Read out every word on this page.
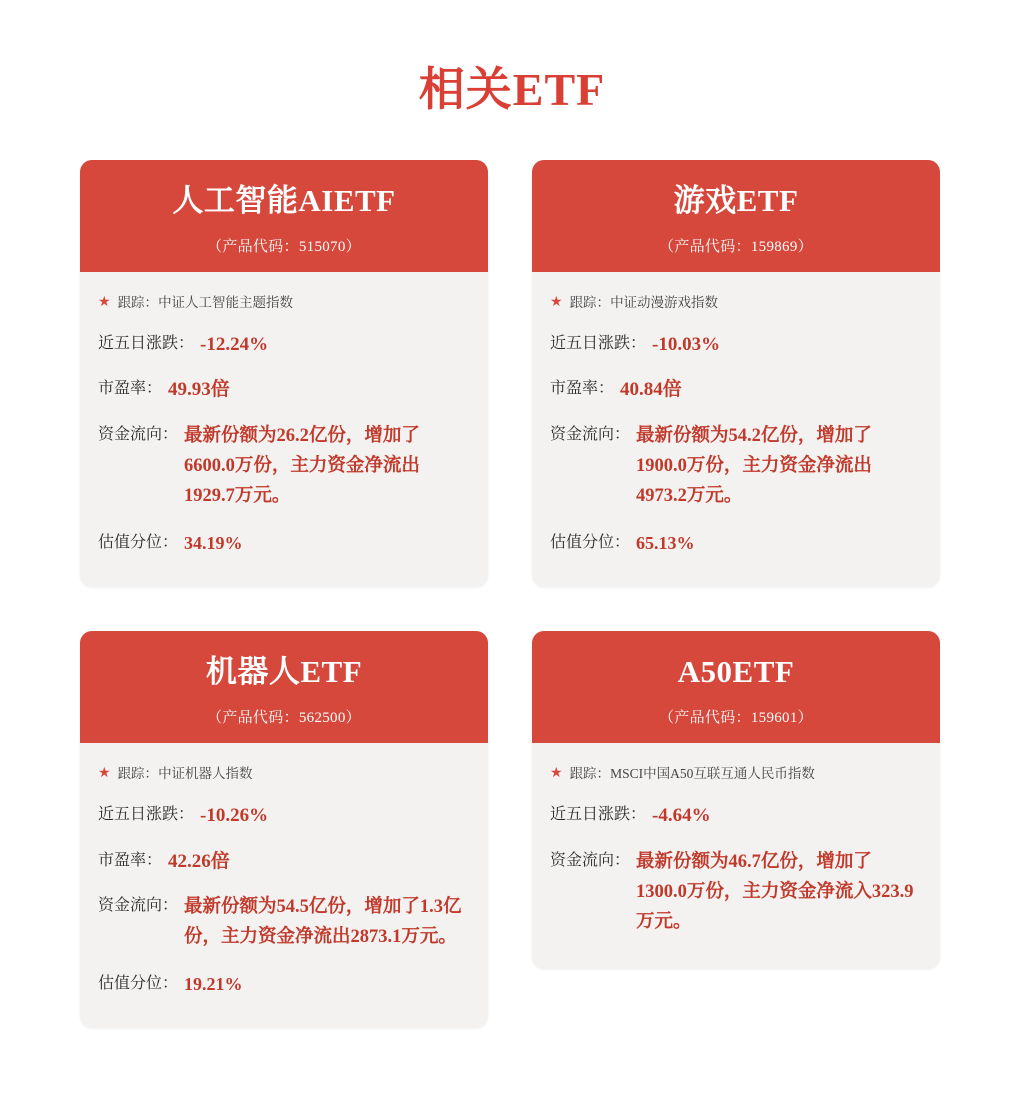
相关ETF
人工智能AIETF
（产品代码：515070）
★ 跟踪：中证人工智能主题指数
近五日涨跌： -12.24%
市盈率： 49.93倍
资金流向： 最新份额为26.2亿份，增加了6600.0万份，主力资金净流出1929.7万元。
估值分位： 34.19%
游戏ETF
（产品代码：159869）
★ 跟踪：中证动漫游戏指数
近五日涨跌： -10.03%
市盈率： 40.84倍
资金流向： 最新份额为54.2亿份，增加了1900.0万份，主力资金净流出4973.2万元。
估值分位： 65.13%
机器人ETF
（产品代码：562500）
★ 跟踪：中证机器人指数
近五日涨跌： -10.26%
市盈率： 42.26倍
资金流向： 最新份额为54.5亿份，增加了1.3亿份，主力资金净流出2873.1万元。
估值分位： 19.21%
A50ETF
（产品代码：159601）
★ 跟踪：MSCI中国A50互联互通人民币指数
近五日涨跌： -4.64%
资金流向： 最新份额为46.7亿份，增加了1300.0万份，主力资金净流入323.9万元。
